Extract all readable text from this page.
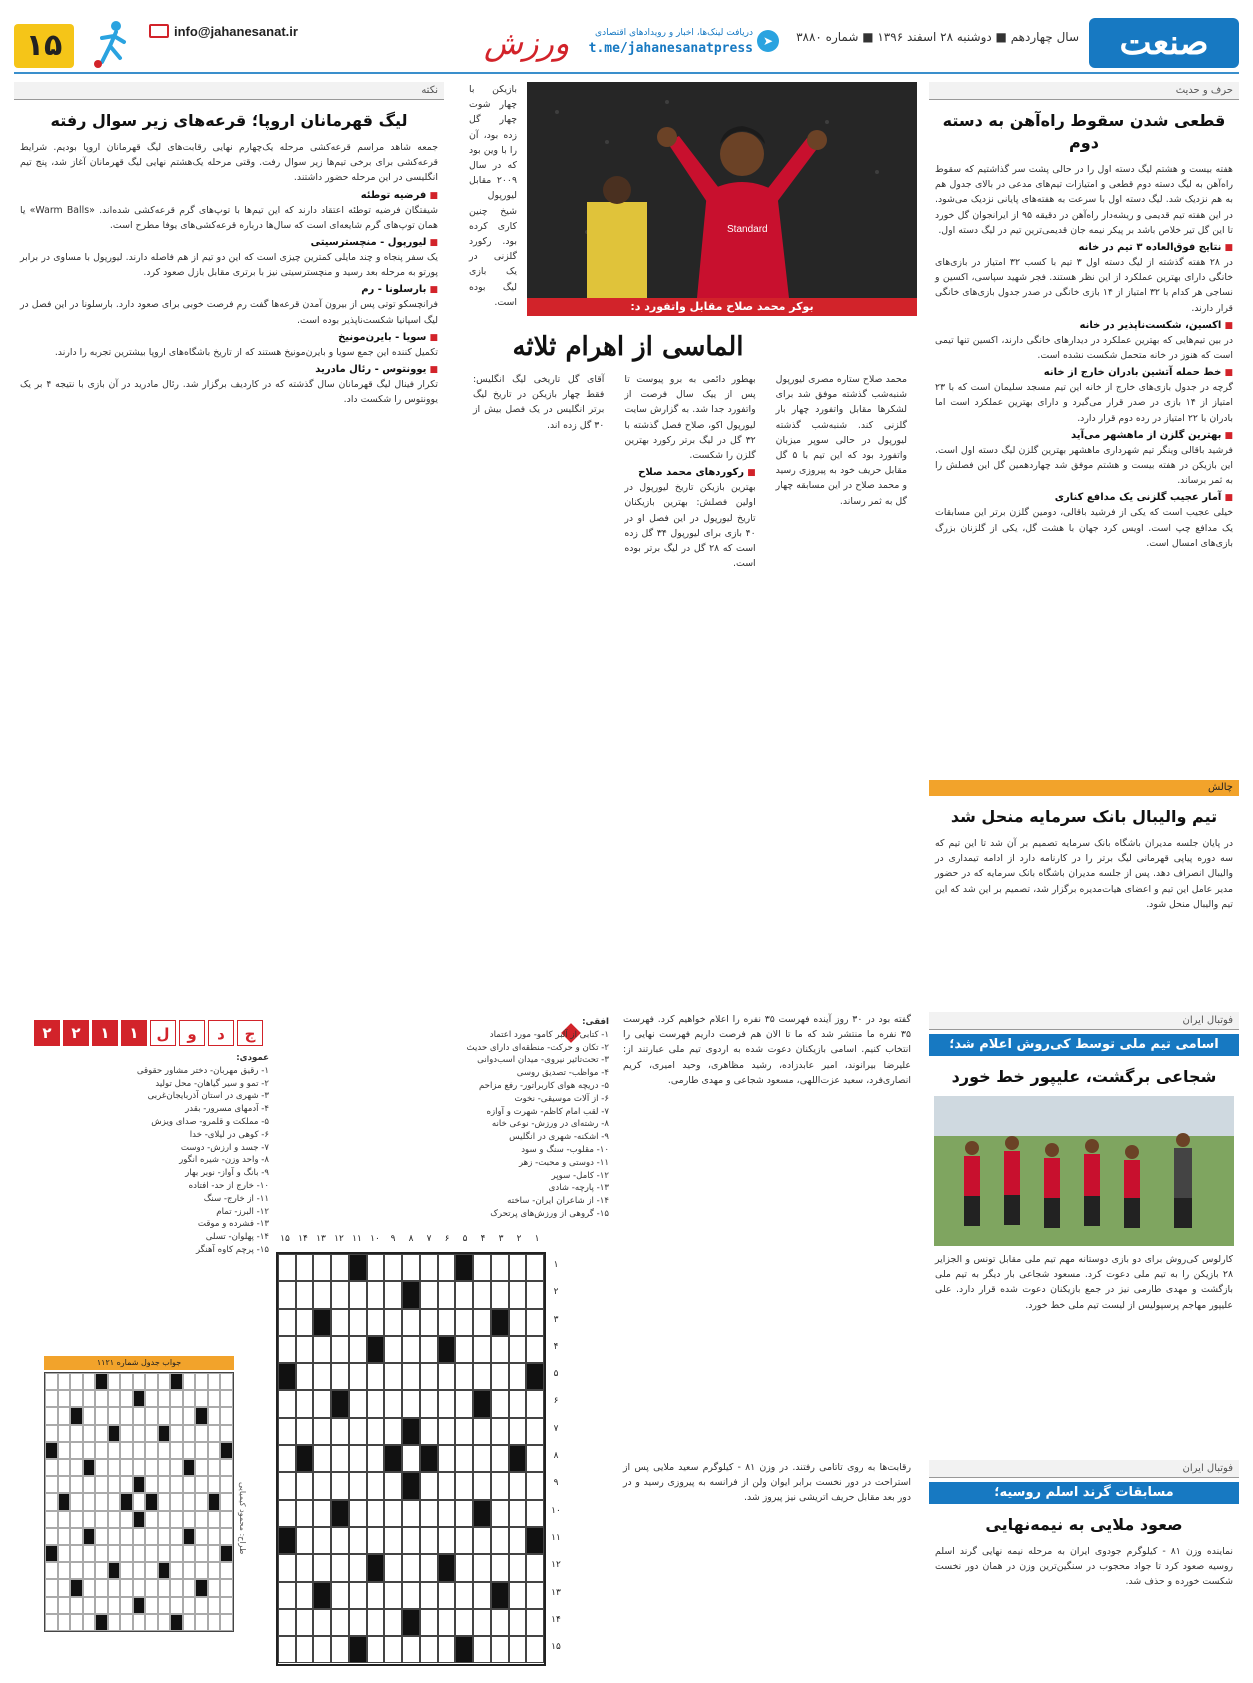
صنعت
سال چهاردهم ■ دوشنبه ۲۸ اسفند ۱۳۹۶ ■ شماره ۳۸۸۰
➤
دریافت لینک‌ها، اخبار و رویدادهای اقتصادی
t.me/jahanesanatpress
ورزش
info@jahanesanat.ir
۱۵
حرف و حدیث
قطعی شدن سقوط راه‌آهن به دسته دوم

هفته بیست و هشتم لیگ دسته اول را در حالی پشت سر گذاشتیم که سقوط راه‌آهن به لیگ دسته دوم قطعی و امتیازات تیم‌های مدعی در بالای جدول هم به هم نزدیک شد. لیگ دسته اول با سرعت به هفته‌های پایانی نزدیک می‌شود. در این هفته تیم قدیمی و ریشه‌دار راه‌آهن در دقیقه ۹۵ از ایرانجوان گل خورد تا این گل تیر خلاص باشد بر پیکر نیمه جان قدیمی‌ترین تیم در لیگ دسته اول.

■ نتایج فوق‌العاده ۳ تیم در خانه

در ۲۸ هفته گذشته از لیگ دسته اول ۳ تیم با کسب ۳۲ امتیاز در بازی‌های خانگی دارای بهترین عملکرد از این نظر هستند. فجر شهید سپاسی، اکسین و نساجی هر کدام با ۳۲ امتیاز از ۱۴ بازی خانگی در صدر جدول بازی‌های خانگی قرار دارند.

■ اکسین، شکست‌ناپذیر در خانه

در بین تیم‌هایی که بهترین عملکرد در دیدارهای خانگی دارند، اکسین تنها تیمی است که هنوز در خانه متحمل شکست نشده است.

■ خط حمله آتشین بادران خارج از خانه

گرچه در جدول بازی‌های خارج از خانه این تیم مسجد سلیمان است که با ۲۳ امتیاز از ۱۴ بازی در صدر قرار می‌گیرد و دارای بهترین عملکرد است اما بادران با ۲۲ امتیاز در رده دوم قرار دارد.

■ بهترین گلزن از ماهشهر می‌آید

فرشید باقالی وینگر تیم شهرداری ماهشهر بهترین گلزن لیگ دسته اول است. این بازیکن در هفته بیست و هشتم موفق شد چهاردهمین گل این فصلش را به ثمر برساند.

■ آمار عجیب گلزنی یک مدافع کناری

خیلی عجیب است که یکی از فرشید باقالی، دومین گلزن برتر این مسابقات یک مدافع چپ است. اویس کرد جهان با هشت گل، یکی از گلزنان بزرگ بازی‌های امسال است.

چالش
تیم والیبال بانک سرمایه منحل شد

در پایان جلسه مدیران باشگاه بانک سرمایه تصمیم بر آن شد تا این تیم که سه دوره پیاپی قهرمانی لیگ برتر را در کارنامه دارد از ادامه تیمداری در والیبال انصراف دهد. پس از جلسه مدیران باشگاه بانک سرمایه که در حضور مدیر عامل این تیم و اعضای هیات‌مدیره برگزار شد، تصمیم بر این شد که این تیم والیبال منحل شود.

Standard
بوکر محمد صلاح مقابل واتفورد د:
الماسی از اهرام ثلاثه

محمد صلاح ستاره مصری لیورپول شنبه‌شب گذشته موفق شد برای لشکرها مقابل واتفورد چهار بار گلزنی کند. شنبه‌شب گذشته لیورپول در حالی سوپر میزبان واتفورد بود که این تیم با ۵ گل مقابل حریف خود به پیروزی رسید و محمد صلاح در این مسابقه چهار گل به ثمر رساند.

بهطور دائمی به برو پیوست تا پس از ییک سال فرصت از واتفورد جدا شد. به گزارش سایت لیورپول اکو، صلاح فصل گذشته با ۳۲ گل در لیگ برتر رکورد بهترین گلزن را شکست.

■ رکوردهای محمد صلاح

بهترین بازیکن تاریخ لیورپول در اولین فصلش: بهترین بازیکنان تاریخ لیورپول در این فصل او در ۴۰ بازی برای لیورپول ۳۴ گل زده است که ۲۸ گل در لیگ برتر بوده است.

آقای گل تاریخی لیگ انگلیس: فقط چهار بازیکن در تاریخ لیگ برتر انگلیس در یک فصل بیش از ۳۰ گل زده اند.

بازیکن با چهار شوت چهار گل زده بود، آن را با وین بود که در سال ۲۰۰۹ مقابل لیورپول شیخ چنین کاری کرده بود. رکورد گلزنی در یک بازی لیگ بوده است.

نکته
لیگ قهرمانان اروپا؛ قرعه‌های زیر سوال رفته

جمعه شاهد مراسم قرعه‌کشی مرحله یک‌چهارم نهایی رقابت‌های لیگ قهرمانان اروپا بودیم. شرایط قرعه‌کشی برای برخی تیم‌ها زیر سوال رفت. وقتی مرحله یک‌هشتم نهایی لیگ قهرمانان آغاز شد، پنج تیم انگلیسی در این مرحله حضور داشتند.

■ فرضیه توطئه

شیفتگان فرضیه توطئه اعتقاد دارند که این تیم‌ها با توپ‌های گرم قرعه‌کشی شده‌اند. «Warm Balls» یا همان توپ‌های گرم شایعه‌ای است که سال‌ها درباره قرعه‌کشی‌های یوفا مطرح است.

■ لیورپول - منچسترسیتی

یک سفر پنجاه و چند مایلی کمترین چیزی است که این دو تیم از هم فاصله دارند. لیورپول با مساوی در برابر پورتو به مرحله بعد رسید و منچسترسیتی نیز با برتری مقابل بازل صعود کرد.

■ بارسلونا - رم

فرانچسکو توتی پس از بیرون آمدن قرعه‌ها گفت رم فرصت خوبی برای صعود دارد. بارسلونا در این فصل در لیگ اسپانیا شکست‌ناپذیر بوده است.

■ سویا - بایرن‌مونیخ

تکمیل کننده این جمع سویا و بایرن‌مونیخ هستند که از تاریخ باشگاه‌های اروپا بیشترین تجربه را دارند.

■ یوونتوس - رئال مادرید

تکرار فینال لیگ قهرمانان سال گذشته که در کاردیف برگزار شد. رئال مادرید در آن بازی با نتیجه ۴ بر یک یوونتوس را شکست داد.

فوتبال ایران
اسامی تیم ملی توسط کی‌روش اعلام شد؛
شجاعی برگشت، علیپور خط خورد

کارلوس کی‌روش برای دو بازی دوستانه مهم تیم ملی مقابل تونس و الجزایر ۲۸ بازیکن را به تیم ملی دعوت کرد. مسعود شجاعی بار دیگر به تیم ملی بازگشت و مهدی طارمی نیز در جمع بازیکنان دعوت شده قرار دارد. علی علیپور مهاجم پرسپولیس از لیست تیم ملی خط خورد.

فوتبال ایران
مسابقات گرند اسلم روسیه؛
صعود ملایی به نیمه‌نهایی

نماینده وزن ۸۱ - کیلوگرم جودوی ایران به مرحله نیمه نهایی گرند اسلم روسیه صعود کرد تا جواد محجوب در سنگین‌ترین وزن در همان دور نخست شکست خورده و حذف شد.

گفته بود در ۳۰ روز آینده فهرست ۳۵ نفره را اعلام خواهیم کرد. فهرست ۳۵ نفره ما منتشر شد که ما تا الان هم فرصت داریم فهرست نهایی را انتخاب کنیم. اسامی بازیکنان دعوت شده به اردوی تیم ملی عبارتند از: علیرضا بیرانوند، امیر عابدزاده، رشید مظاهری، وحید امیری، کریم انصاری‌فرد، سعید عزت‌اللهی، مسعود شجاعی و مهدی طارمی.

رقابت‌ها به روی تاتامی رفتند. در وزن ۸۱ - کیلوگرم سعید ملایی پس از استراحت در دور نخست برابر ایوان ولن از فرانسه به پیروزی رسید و در دور بعد مقابل حریف اتریشی نیز پیروز شد.

۲	۲	۱	۱	ل	و	د	ج
افقی:
۱- کتابی از آلبر کامو- مورد اعتماد
۲- تکان و حرکت- منطقه‌ای دارای حدیث
۳- تحت‌تاثیر نیروی- میدان اسب‌دوانی
۴- مواظب- تصدیق روسی
۵- دریچه هوای کاربراتور- رفع مزاحم
۶- از آلات موسیقی- نخوت
۷- لقب امام کاظم- شهرت و آوازه
۸- رشته‌ای در ورزش- نوعی خانه
۹- اشکنه- شهری در انگلیس
۱۰- مقلوب- سنگ و سود
۱۱- دوستی و محبت- زهر
۱۲- کامل- سوپر
۱۳- پارچه- شادی
۱۴- از شاعران ایران- ساخته
۱۵- گروهی از ورزش‌های پرتحرک
عمودی:
۱- رقیق مهربان- دختر مشاور حقوقی
۲- تمو و سیر گیاهان- محل تولید
۳- شهری در استان آذربایجان‌غربی
۴- آدمهای مسرور- بقدر
۵- مملکت و قلمرو- صدای ویزش
۶- کوهی در لیلای- خدا
۷- جسد و ارزش- دوست
۸- واحد وزن- شیره انگور
۹- بانگ و آواز- نوبر بهار
۱۰- خارج از حد- افتاده
۱۱- از خارج- سنگ
۱۲- البرز- تمام
۱۳- فشرده و موقت
۱۴- پهلوان- تسلی
۱۵- پرچم کاوه آهنگر
۱
۲
۳
۴
۵
۶
۷
۸
۹
۱۰
۱۱
۱۲
۱۳
۱۴
۱۵
۱
۲
۳
۴
۵
۶
۷
۸
۹
۱۰
۱۱
۱۲
۱۳
۱۴
۱۵
جواب جدول شماره ۱۱۲۱
طراح: محمود کیمیایی
